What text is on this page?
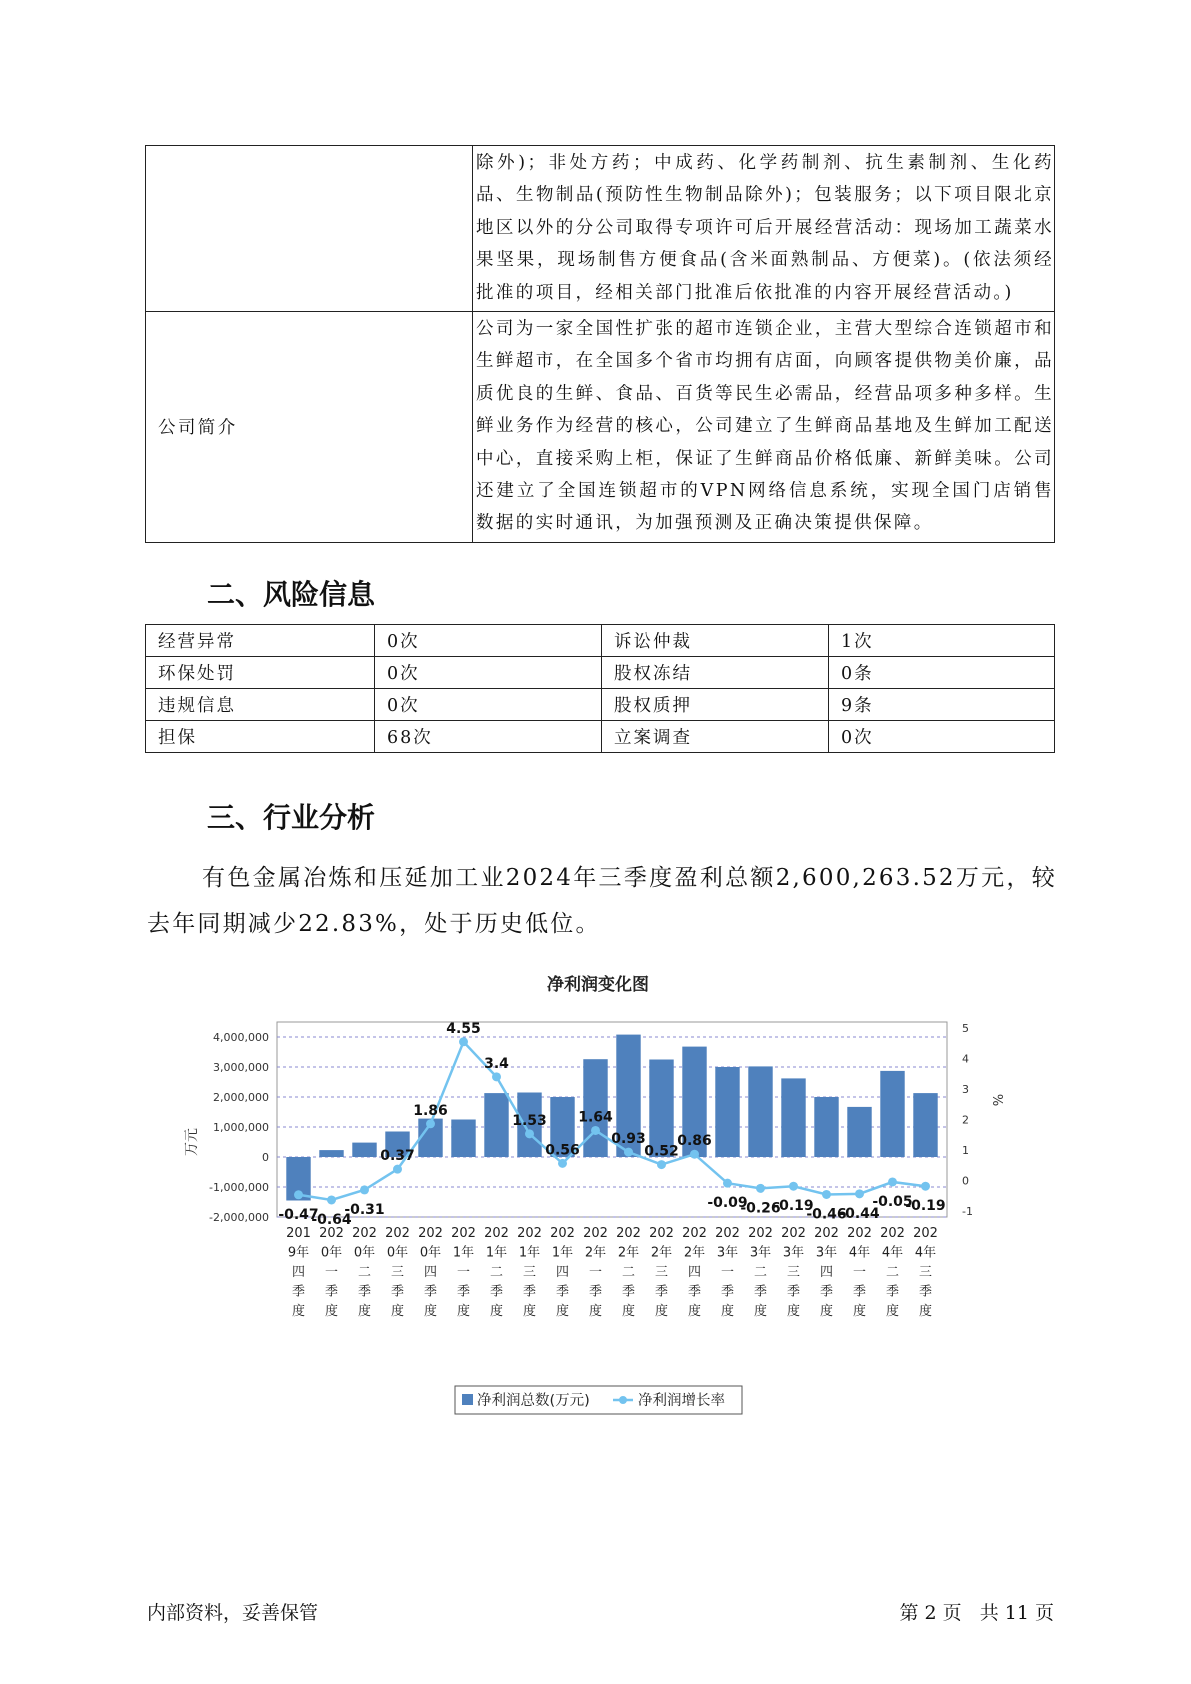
	除外)；非处方药；中成药、化学药制剂、抗生素制剂、生化药品、生物制品(预防性生物制品除外)；包装服务；以下项目限北京地区以外的分公司取得专项许可后开展经营活动：现场加工蔬菜水果坚果，现场制售方便食品(含米面熟制品、方便菜)。(依法须经批准的项目，经相关部门批准后依批准的内容开展经营活动。)
公司简介	公司为一家全国性扩张的超市连锁企业，主营大型综合连锁超市和生鲜超市，在全国多个省市均拥有店面，向顾客提供物美价廉，品质优良的生鲜、食品、百货等民生必需品，经营品项多种多样。生鲜业务作为经营的核心，公司建立了生鲜商品基地及生鲜加工配送中心，直接采购上柜，保证了生鲜商品价格低廉、新鲜美味。公司还建立了全国连锁超市的VPN网络信息系统，实现全国门店销售数据的实时通讯，为加强预测及正确决策提供保障。
二、风险信息
经营异常	0次	诉讼仲裁	1次
环保处罚	0次	股权冻结	0条
违规信息	0次	股权质押	9条
担保	68次	立案调查	0次
三、行业分析
有色金属冶炼和压延加工业2024年三季度盈利总额2,600,263.52万元，较去年同期减少22.83%，处于历史低位。
净利润变化图
4,000,000
3,000,000
2,000,000
1,000,000
0
-1,000,000
-2,000,000
5
4
3
2
1
0
-1
-0.47
-0.64
-0.31
0.37
1.86
4.55
3.4
1.53
0.56
1.64
0.93
0.52
0.86
-0.09
-0.26
-0.19
-0.46
-0.44
-0.05
-0.19
201
9年
四
季
度
202
0年
一
季
度
202
0年
二
季
度
202
0年
三
季
度
202
0年
四
季
度
202
1年
一
季
度
202
1年
二
季
度
202
1年
三
季
度
202
1年
四
季
度
202
2年
一
季
度
202
2年
二
季
度
202
2年
三
季
度
202
2年
四
季
度
202
3年
一
季
度
202
3年
二
季
度
202
3年
三
季
度
202
3年
四
季
度
202
4年
一
季
度
202
4年
二
季
度
202
4年
三
季
度
万元
%
净利润总数(万元)	净利润增长率
内部资料，妥善保管	第 2 页   共 11 页
